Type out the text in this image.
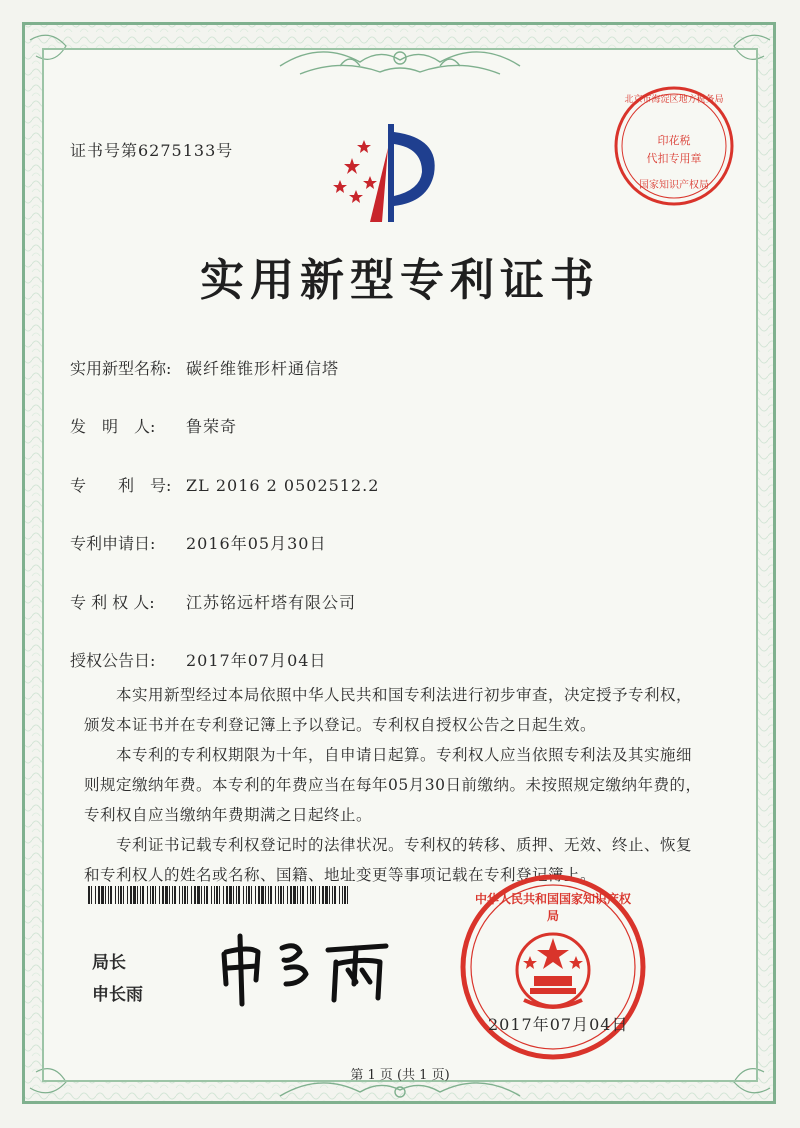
证书号第6275133号
北京市海淀区地方税务局
印花税
代扣专用章
国家知识产权局
实用新型专利证书
实用新型名称: 碳纤维锥形杆通信塔
发　明　人: 鲁荣奇
专　　利　号: ZL 2016 2 0502512.2
专利申请日: 2016年05月30日
专 利 权 人: 江苏铭远杆塔有限公司
授权公告日: 2017年07月04日

本实用新型经过本局依照中华人民共和国专利法进行初步审查，决定授予专利权，颁发本证书并在专利登记簿上予以登记。专利权自授权公告之日起生效。

本专利的专利权期限为十年，自申请日起算。专利权人应当依照专利法及其实施细则规定缴纳年费。本专利的年费应当在每年05月30日前缴纳。未按照规定缴纳年费的，专利权自应当缴纳年费期满之日起终止。

专利证书记载专利权登记时的法律状况。专利权的转移、质押、无效、终止、恢复和专利权人的姓名或名称、国籍、地址变更等事项记载在专利登记簿上。

局长
申长雨
中华人民共和国国家知识产权局
2017年07月04日
第 1 页 (共 1 页)
